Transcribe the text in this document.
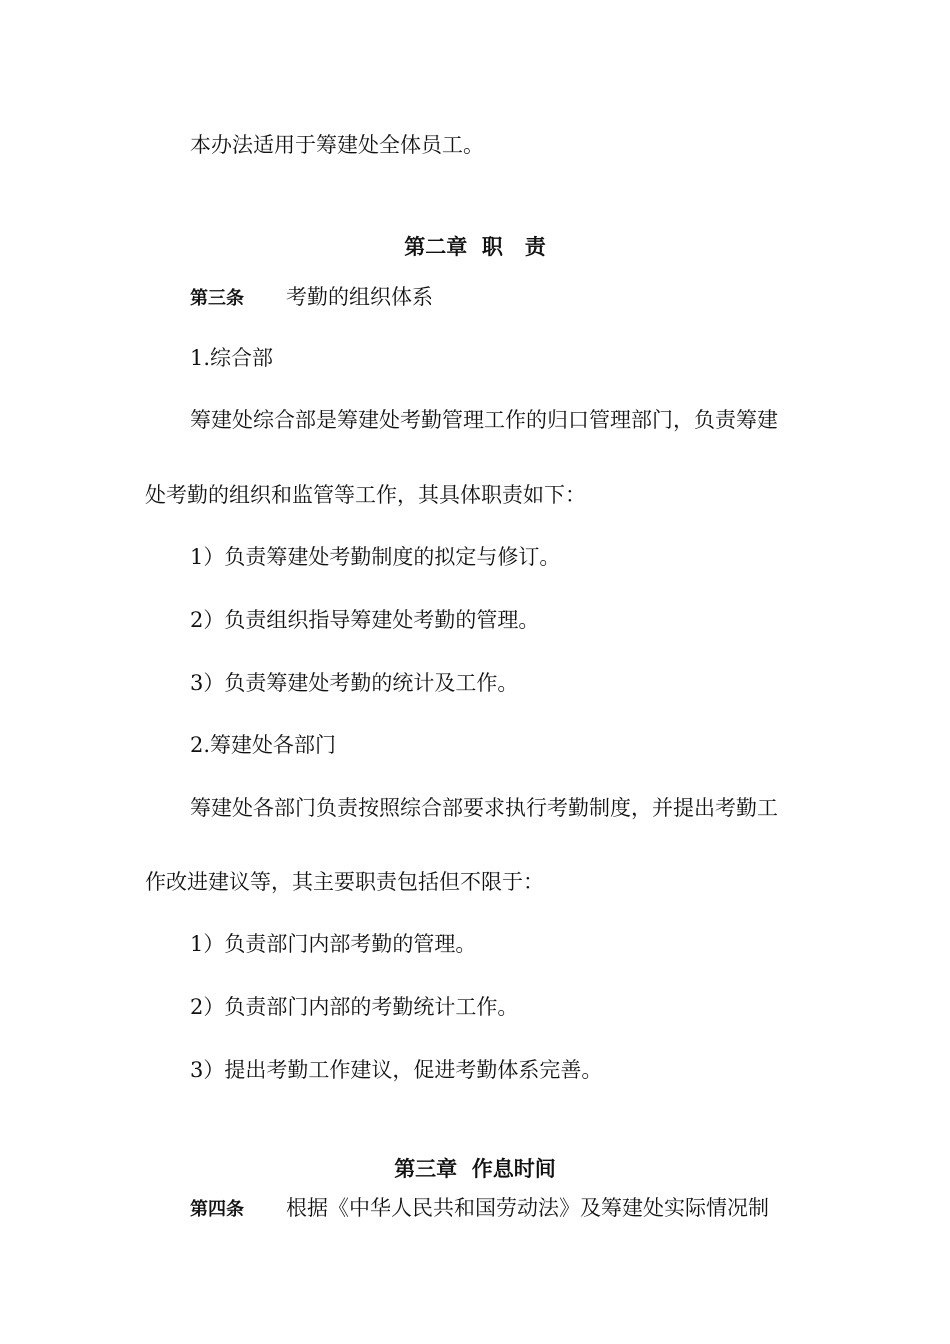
本办法适用于筹建处全体员工。
第二章  职   责
第三条 考勤的组织体系
1.综合部
筹建处综合部是筹建处考勤管理工作的归口管理部门，负责筹建
处考勤的组织和监管等工作，其具体职责如下：
1）负责筹建处考勤制度的拟定与修订。
2）负责组织指导筹建处考勤的管理。
3）负责筹建处考勤的统计及工作。
2.筹建处各部门
筹建处各部门负责按照综合部要求执行考勤制度，并提出考勤工
作改进建议等，其主要职责包括但不限于：
1）负责部门内部考勤的管理。
2）负责部门内部的考勤统计工作。
3）提出考勤工作建议，促进考勤体系完善。
第三章  作息时间
第四条 根据《中华人民共和国劳动法》及筹建处实际情况制
